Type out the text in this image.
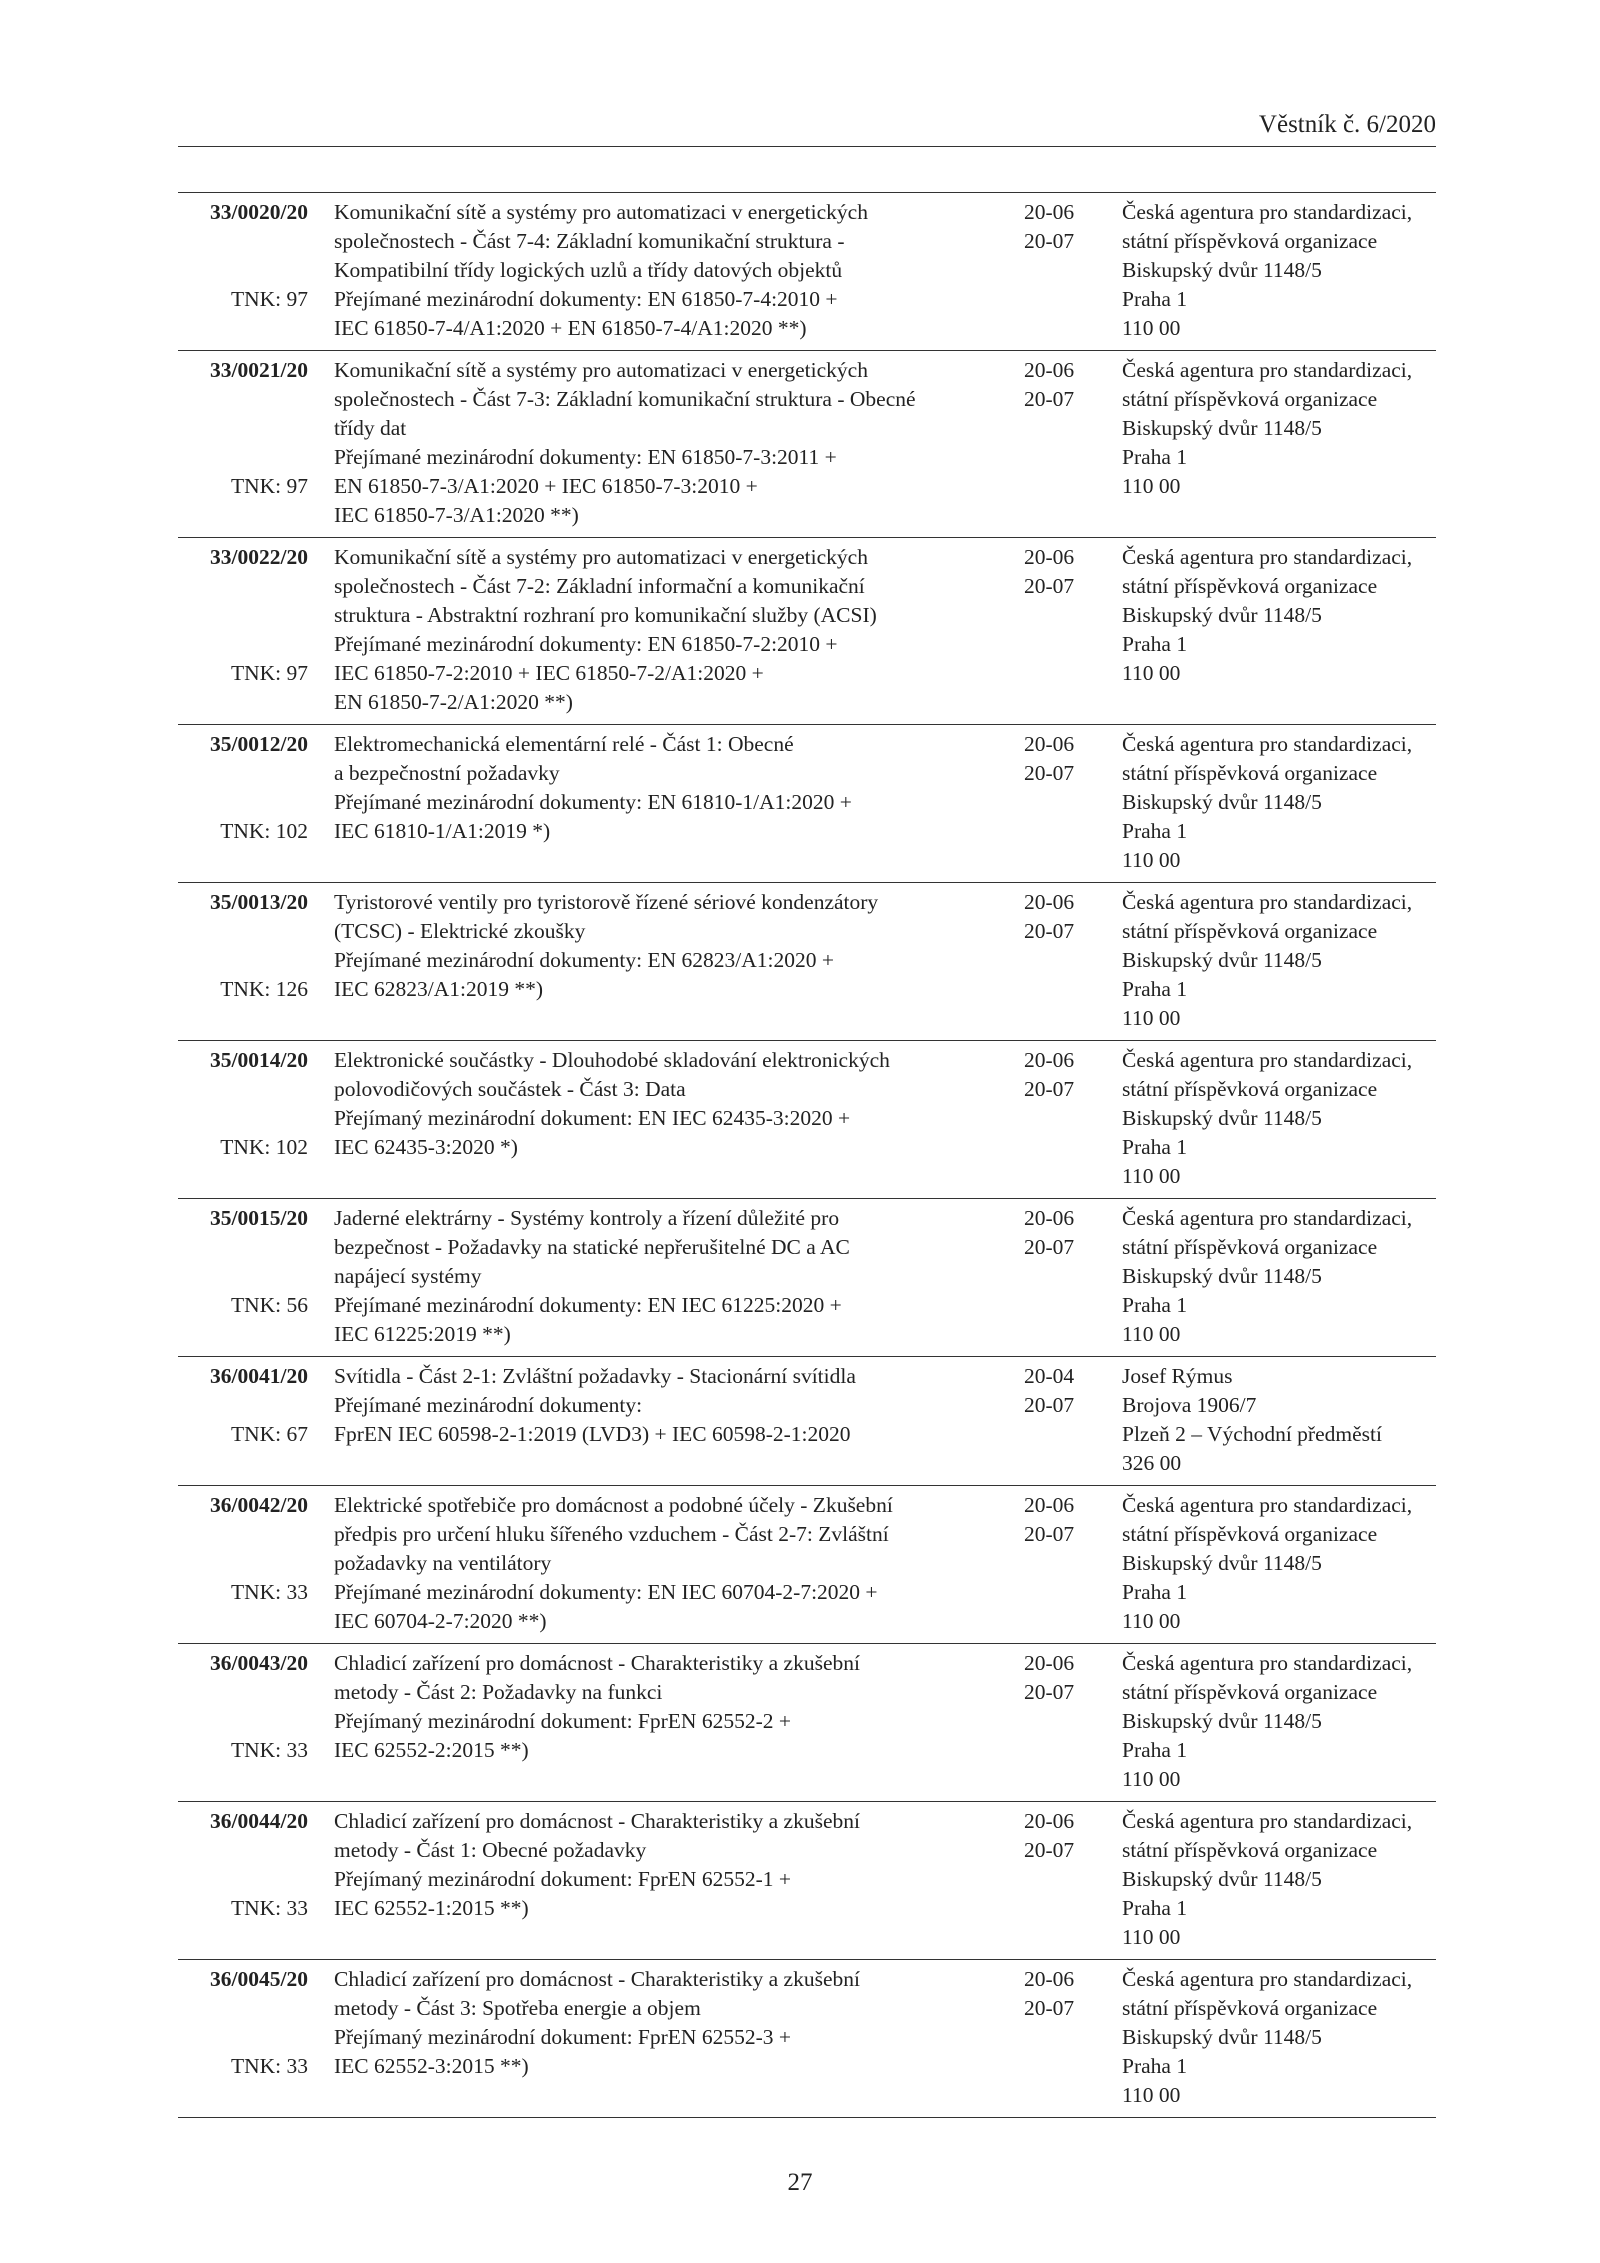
Věstník č. 6/2020
33/0020/20
TNK: 97
Komunikační sítě a systémy pro automatizaci v energetických
společnostech - Část 7-4: Základní komunikační struktura -
Kompatibilní třídy logických uzlů a třídy datových objektů
Přejímané mezinárodní dokumenty: EN 61850-7-4:2010 +
IEC 61850-7-4/A1:2020 + EN 61850-7-4/A1:2020 **)
20-06
20-07
Česká agentura pro standardizaci,
státní příspěvková organizace
Biskupský dvůr 1148/5
Praha 1
110 00
33/0021/20
TNK: 97
Komunikační sítě a systémy pro automatizaci v energetických
společnostech - Část 7-3: Základní komunikační struktura - Obecné
třídy dat
Přejímané mezinárodní dokumenty: EN 61850-7-3:2011 +
EN 61850-7-3/A1:2020 + IEC 61850-7-3:2010 +
IEC 61850-7-3/A1:2020 **)
20-06
20-07
Česká agentura pro standardizaci,
státní příspěvková organizace
Biskupský dvůr 1148/5
Praha 1
110 00
33/0022/20
TNK: 97
Komunikační sítě a systémy pro automatizaci v energetických
společnostech - Část 7-2: Základní informační a komunikační
struktura - Abstraktní rozhraní pro komunikační služby (ACSI)
Přejímané mezinárodní dokumenty: EN 61850-7-2:2010 +
IEC 61850-7-2:2010 + IEC 61850-7-2/A1:2020 +
EN 61850-7-2/A1:2020 **)
20-06
20-07
Česká agentura pro standardizaci,
státní příspěvková organizace
Biskupský dvůr 1148/5
Praha 1
110 00
35/0012/20
TNK: 102
Elektromechanická elementární relé - Část 1: Obecné
a bezpečnostní požadavky
Přejímané mezinárodní dokumenty: EN 61810-1/A1:2020 +
IEC 61810-1/A1:2019 *)
20-06
20-07
Česká agentura pro standardizaci,
státní příspěvková organizace
Biskupský dvůr 1148/5
Praha 1
110 00
35/0013/20
TNK: 126
Tyristorové ventily pro tyristorově řízené sériové kondenzátory
(TCSC) - Elektrické zkoušky
Přejímané mezinárodní dokumenty: EN 62823/A1:2020 +
IEC 62823/A1:2019 **)
20-06
20-07
Česká agentura pro standardizaci,
státní příspěvková organizace
Biskupský dvůr 1148/5
Praha 1
110 00
35/0014/20
TNK: 102
Elektronické součástky - Dlouhodobé skladování elektronických
polovodičových součástek - Část 3: Data
Přejímaný mezinárodní dokument: EN IEC 62435-3:2020 +
IEC 62435-3:2020 *)
20-06
20-07
Česká agentura pro standardizaci,
státní příspěvková organizace
Biskupský dvůr 1148/5
Praha 1
110 00
35/0015/20
TNK: 56
Jaderné elektrárny - Systémy kontroly a řízení důležité pro
bezpečnost - Požadavky na statické nepřerušitelné DC a AC
napájecí systémy
Přejímané mezinárodní dokumenty: EN IEC 61225:2020 +
IEC 61225:2019 **)
20-06
20-07
Česká agentura pro standardizaci,
státní příspěvková organizace
Biskupský dvůr 1148/5
Praha 1
110 00
36/0041/20
TNK: 67
Svítidla - Část 2-1: Zvláštní požadavky - Stacionární svítidla
Přejímané mezinárodní dokumenty:
FprEN IEC 60598-2-1:2019 (LVD3) + IEC 60598-2-1:2020
20-04
20-07
Josef Rýmus
Brojova 1906/7
Plzeň 2 – Východní předměstí
326 00
36/0042/20
TNK: 33
Elektrické spotřebiče pro domácnost a podobné účely - Zkušební
předpis pro určení hluku šířeného vzduchem - Část 2-7: Zvláštní
požadavky na ventilátory
Přejímané mezinárodní dokumenty: EN IEC 60704-2-7:2020 +
IEC 60704-2-7:2020 **)
20-06
20-07
Česká agentura pro standardizaci,
státní příspěvková organizace
Biskupský dvůr 1148/5
Praha 1
110 00
36/0043/20
TNK: 33
Chladicí zařízení pro domácnost - Charakteristiky a zkušební
metody - Část 2: Požadavky na funkci
Přejímaný mezinárodní dokument: FprEN 62552-2 +
IEC 62552-2:2015 **)
20-06
20-07
Česká agentura pro standardizaci,
státní příspěvková organizace
Biskupský dvůr 1148/5
Praha 1
110 00
36/0044/20
TNK: 33
Chladicí zařízení pro domácnost - Charakteristiky a zkušební
metody - Část 1: Obecné požadavky
Přejímaný mezinárodní dokument: FprEN 62552-1 +
IEC 62552-1:2015 **)
20-06
20-07
Česká agentura pro standardizaci,
státní příspěvková organizace
Biskupský dvůr 1148/5
Praha 1
110 00
36/0045/20
TNK: 33
Chladicí zařízení pro domácnost - Charakteristiky a zkušební
metody - Část 3: Spotřeba energie a objem
Přejímaný mezinárodní dokument: FprEN 62552-3 +
IEC 62552-3:2015 **)
20-06
20-07
Česká agentura pro standardizaci,
státní příspěvková organizace
Biskupský dvůr 1148/5
Praha 1
110 00
27
